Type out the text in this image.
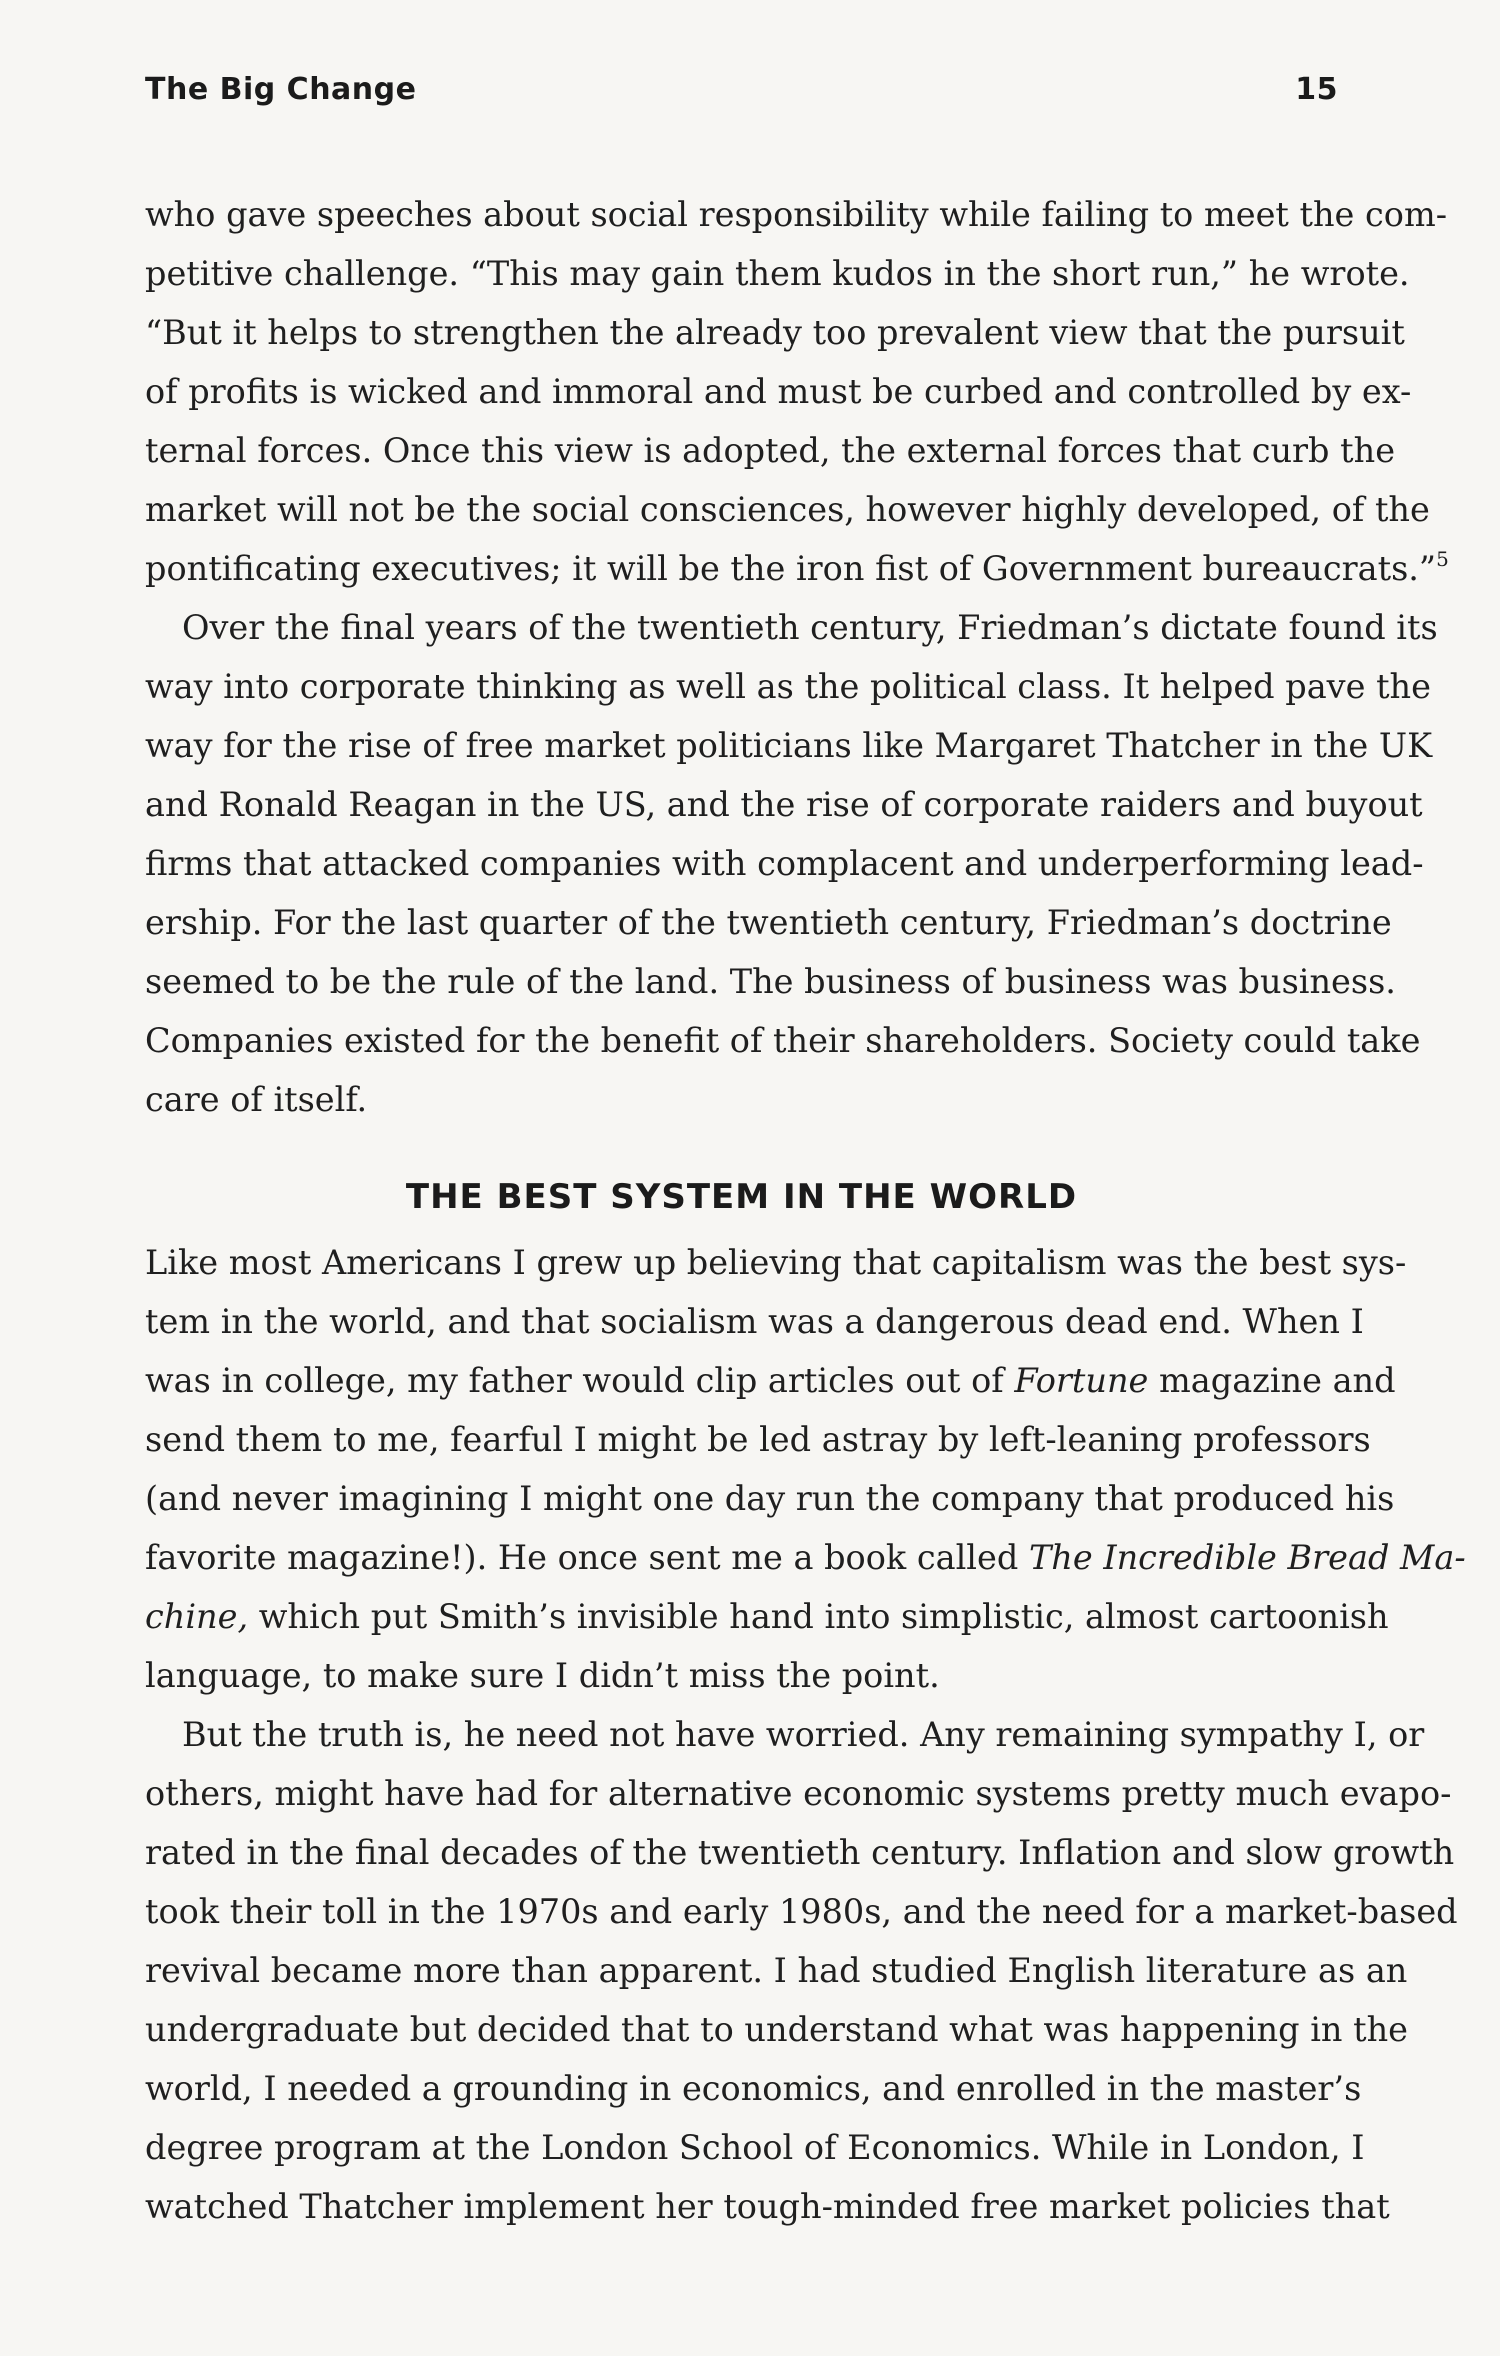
The Big Change	15
who gave speeches about social responsibility while failing to meet the com-
petitive challenge. “This may gain them kudos in the short run,” he wrote.
“But it helps to strengthen the already too prevalent view that the pursuit
of profits is wicked and immoral and must be curbed and controlled by ex-
ternal forces. Once this view is adopted, the external forces that curb the
market will not be the social consciences, however highly developed, of the
pontificating executives; it will be the iron fist of Government bureaucrats.”$^5$
Over the final years of the twentieth century, Friedman’s dictate found its
way into corporate thinking as well as the political class. It helped pave the
way for the rise of free market politicians like Margaret Thatcher in the UK
and Ronald Reagan in the US, and the rise of corporate raiders and buyout
firms that attacked companies with complacent and underperforming lead-
ership. For the last quarter of the twentieth century, Friedman’s doctrine
seemed to be the rule of the land. The business of business was business.
Companies existed for the benefit of their shareholders. Society could take
care of itself.
THE BEST SYSTEM IN THE WORLD
Like most Americans I grew up believing that capitalism was the best sys-
tem in the world, and that socialism was a dangerous dead end. When I
was in college, my father would clip articles out of Fortune magazine and
send them to me, fearful I might be led astray by left-leaning professors
(and never imagining I might one day run the company that produced his
favorite magazine!). He once sent me a book called The Incredible Bread Ma-
chine, which put Smith’s invisible hand into simplistic, almost cartoonish
language, to make sure I didn’t miss the point.
But the truth is, he need not have worried. Any remaining sympathy I, or
others, might have had for alternative economic systems pretty much evapo-
rated in the final decades of the twentieth century. Inflation and slow growth
took their toll in the 1970s and early 1980s, and the need for a market-based
revival became more than apparent. I had studied English literature as an
undergraduate but decided that to understand what was happening in the
world, I needed a grounding in economics, and enrolled in the master’s
degree program at the London School of Economics. While in London, I
watched Thatcher implement her tough-minded free market policies that
